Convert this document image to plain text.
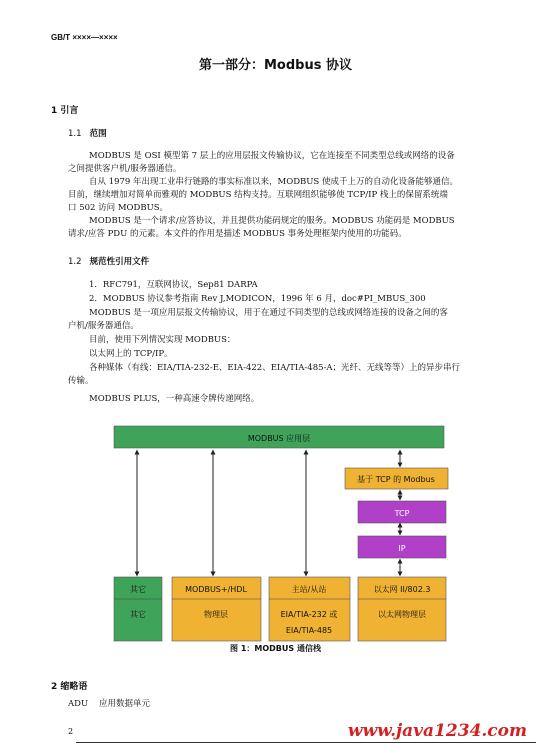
GB/T ××××—××××
第一部分：Modbus 协议
1 引言
1.1 范围
MODBUS 是 OSI 模型第 7 层上的应用层报文传输协议，它在连接至不同类型总线或网络的设备
之间提供客户机/服务器通信。
自从 1979 年出现工业串行链路的事实标准以来，MODBUS 使成千上万的自动化设备能够通信。
目前，继续增加对简单而雅观的 MODBUS 结构支持。互联网组织能够使 TCP/IP 栈上的保留系统端
口 502 访问 MODBUS。
MODBUS 是一个请求/应答协议，并且提供功能码规定的服务。MODBUS 功能码是 MODBUS
请求/应答 PDU 的元素。本文件的作用是描述 MODBUS 事务处理框架内使用的功能码。
1.2 规范性引用文件
1．RFC791，互联网协议，Sep81 DARPA
2．MODBUS 协议参考指南 Rev J,MODICON，1996 年 6 月，doc#PI_MBUS_300
MODBUS 是一项应用层报文传输协议，用于在通过不同类型的总线或网络连接的设备之间的客
户机/服务器通信。
目前，使用下列情况实现 MODBUS：
以太网上的 TCP/IP。
各种媒体（有线：EIA/TIA-232-E、EIA-422、EIA/TIA-485-A；光纤、无线等等）上的异步串行
传输。
MODBUS PLUS，一种高速令牌传递网络。
MODBUS 应用层
基于 TCP 的 Modbus
TCP
IP
其它
其它
MODBUS+/HDL
物理层
主站/从站
EIA/TIA-232 或
EIA/TIA-485
以太网 II/802.3
以太网物理层
图 1：MODBUS 通信栈
2 缩略语
ADU 应用数据单元
2	www.java1234.com
